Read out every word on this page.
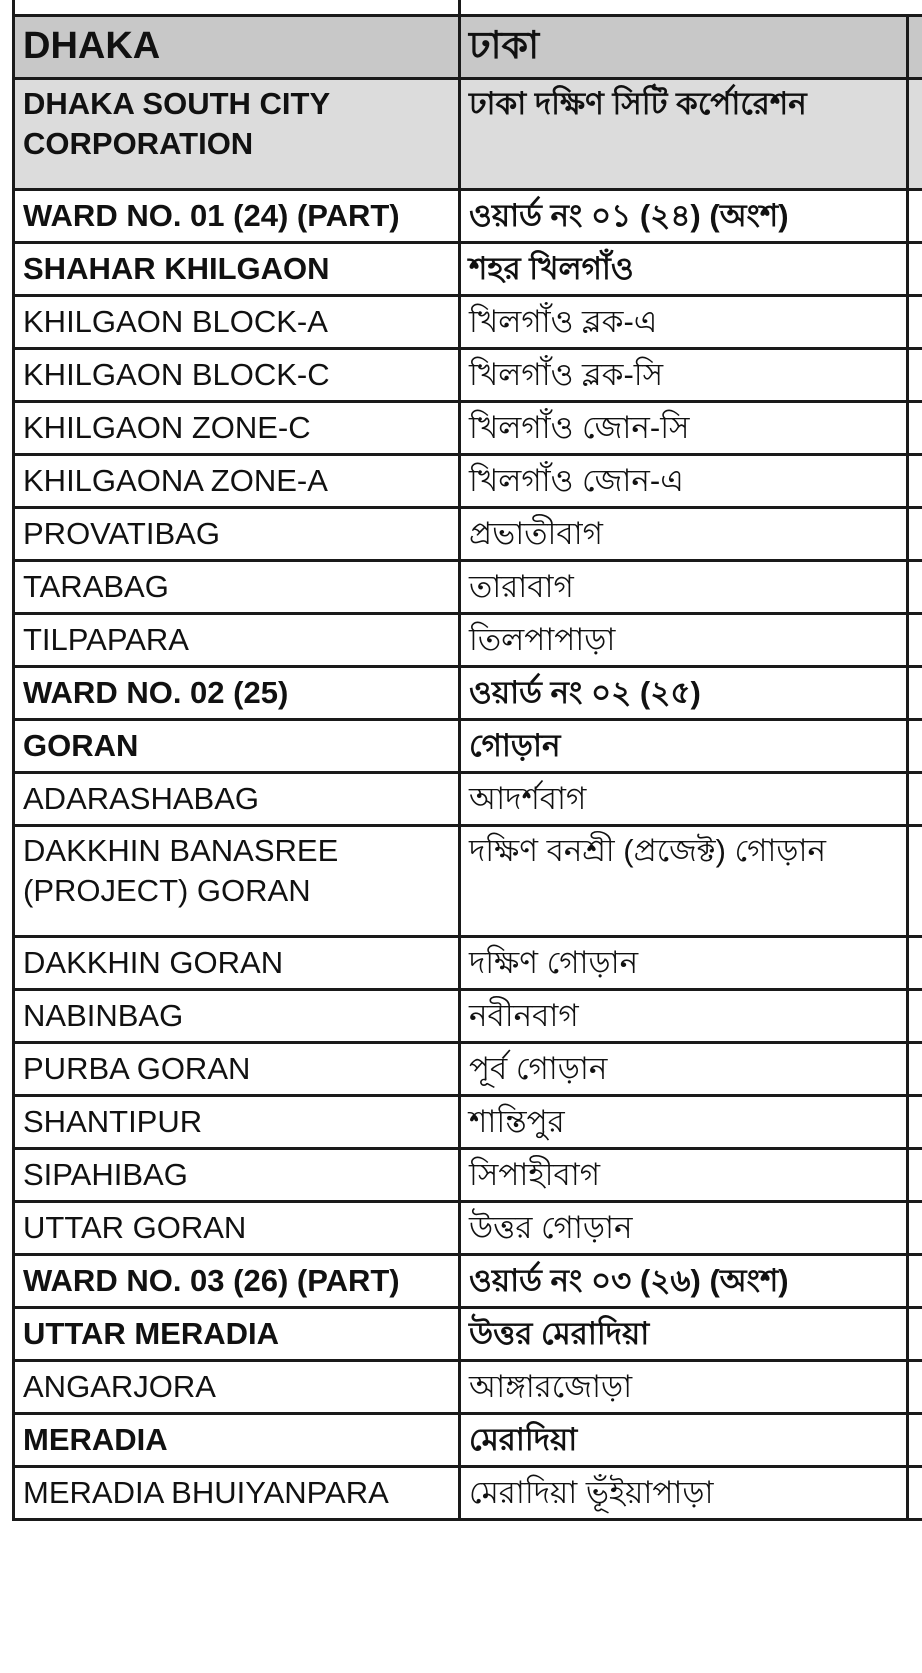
DHAKA	ঢাকা	
DHAKA SOUTH CITY CORPORATION	ঢাকা দক্ষিণ সিটি কর্পোরেশন	
WARD NO. 01 (24) (PART)	ওয়ার্ড নং ০১ (২৪) (অংশ)	
SHAHAR KHILGAON	শহর খিলগাঁও	
KHILGAON BLOCK-A	খিলগাঁও ব্লক-এ	
KHILGAON BLOCK-C	খিলগাঁও ব্লক-সি	
KHILGAON ZONE-C	খিলগাঁও জোন-সি	
KHILGAONA ZONE-A	খিলগাঁও জোন-এ	
PROVATIBAG	প্রভাতীবাগ	
TARABAG	তারাবাগ	
TILPAPARA	তিলপাপাড়া	
WARD NO. 02 (25)	ওয়ার্ড নং ০২ (২৫)	
GORAN	গোড়ান	
ADARASHABAG	আদর্শবাগ	
DAKKHIN BANASREE (PROJECT) GORAN	দক্ষিণ বনশ্রী (প্রজেক্ট) গোড়ান	
DAKKHIN GORAN	দক্ষিণ গোড়ান	
NABINBAG	নবীনবাগ	
PURBA GORAN	পূর্ব গোড়ান	
SHANTIPUR	শান্তিপুর	
SIPAHIBAG	সিপাহীবাগ	
UTTAR GORAN	উত্তর গোড়ান	
WARD NO. 03 (26) (PART)	ওয়ার্ড নং ০৩ (২৬) (অংশ)	
UTTAR MERADIA	উত্তর মেরাদিয়া	
ANGARJORA	আঙ্গারজোড়া	
MERADIA	মেরাদিয়া	
MERADIA BHUIYANPARA	মেরাদিয়া ভূঁইয়াপাড়া	
